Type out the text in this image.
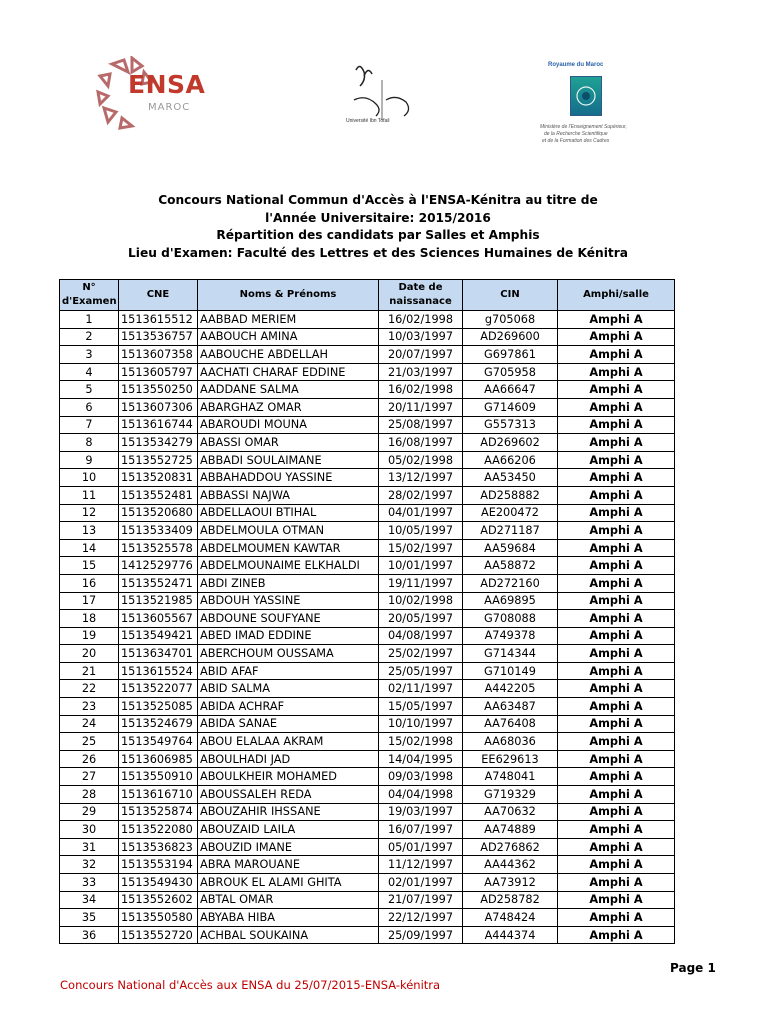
ENSA
MAROC
Université Ibn Tofail
Royaume du Maroc
Ministère de l'Enseignement Supérieur,
de la Recherche Scientifique
et de la Formation des Cadres
Concours National Commun d'Accès à l'ENSA-Kénitra au titre de
l'Année Universitaire: 2015/2016
Répartition des candidats par Salles et Amphis
Lieu d'Examen: Faculté des Lettres et des Sciences Humaines de Kénitra
N° d'Examen	CNE	Noms & Prénoms	Date de naissanace	CIN	Amphi/salle
1	1513615512	AABBAD MERIEM	16/02/1998	g705068	Amphi A
2	1513536757	AABOUCH AMINA	10/03/1997	AD269600	Amphi A
3	1513607358	AABOUCHE ABDELLAH	20/07/1997	G697861	Amphi A
4	1513605797	AACHATI CHARAF EDDINE	21/03/1997	G705958	Amphi A
5	1513550250	AADDANE SALMA	16/02/1998	AA66647	Amphi A
6	1513607306	ABARGHAZ OMAR	20/11/1997	G714609	Amphi A
7	1513616744	ABAROUDI MOUNA	25/08/1997	G557313	Amphi A
8	1513534279	ABASSI OMAR	16/08/1997	AD269602	Amphi A
9	1513552725	ABBADI SOULAIMANE	05/02/1998	AA66206	Amphi A
10	1513520831	ABBAHADDOU YASSINE	13/12/1997	AA53450	Amphi A
11	1513552481	ABBASSI NAJWA	28/02/1997	AD258882	Amphi A
12	1513520680	ABDELLAOUI BTIHAL	04/01/1997	AE200472	Amphi A
13	1513533409	ABDELMOULA OTMAN	10/05/1997	AD271187	Amphi A
14	1513525578	ABDELMOUMEN KAWTAR	15/02/1997	AA59684	Amphi A
15	1412529776	ABDELMOUNAIME ELKHALDI	10/01/1997	AA58872	Amphi A
16	1513552471	ABDI ZINEB	19/11/1997	AD272160	Amphi A
17	1513521985	ABDOUH YASSINE	10/02/1998	AA69895	Amphi A
18	1513605567	ABDOUNE SOUFYANE	20/05/1997	G708088	Amphi A
19	1513549421	ABED IMAD EDDINE	04/08/1997	A749378	Amphi A
20	1513634701	ABERCHOUM OUSSAMA	25/02/1997	G714344	Amphi A
21	1513615524	ABID AFAF	25/05/1997	G710149	Amphi A
22	1513522077	ABID SALMA	02/11/1997	A442205	Amphi A
23	1513525085	ABIDA ACHRAF	15/05/1997	AA63487	Amphi A
24	1513524679	ABIDA SANAE	10/10/1997	AA76408	Amphi A
25	1513549764	ABOU ELALAA AKRAM	15/02/1998	AA68036	Amphi A
26	1513606985	ABOULHADI JAD	14/04/1995	EE629613	Amphi A
27	1513550910	ABOULKHEIR MOHAMED	09/03/1998	A748041	Amphi A
28	1513616710	ABOUSSALEH REDA	04/04/1998	G719329	Amphi A
29	1513525874	ABOUZAHIR IHSSANE	19/03/1997	AA70632	Amphi A
30	1513522080	ABOUZAID LAILA	16/07/1997	AA74889	Amphi A
31	1513536823	ABOUZID IMANE	05/01/1997	AD276862	Amphi A
32	1513553194	ABRA MAROUANE	11/12/1997	AA44362	Amphi A
33	1513549430	ABROUK EL ALAMI GHITA	02/01/1997	AA73912	Amphi A
34	1513552602	ABTAL OMAR	21/07/1997	AD258782	Amphi A
35	1513550580	ABYABA HIBA	22/12/1997	A748424	Amphi A
36	1513552720	ACHBAL SOUKAINA	25/09/1997	A444374	Amphi A
Page 1
Concours National d'Accès aux ENSA du 25/07/2015-ENSA-kénitra
